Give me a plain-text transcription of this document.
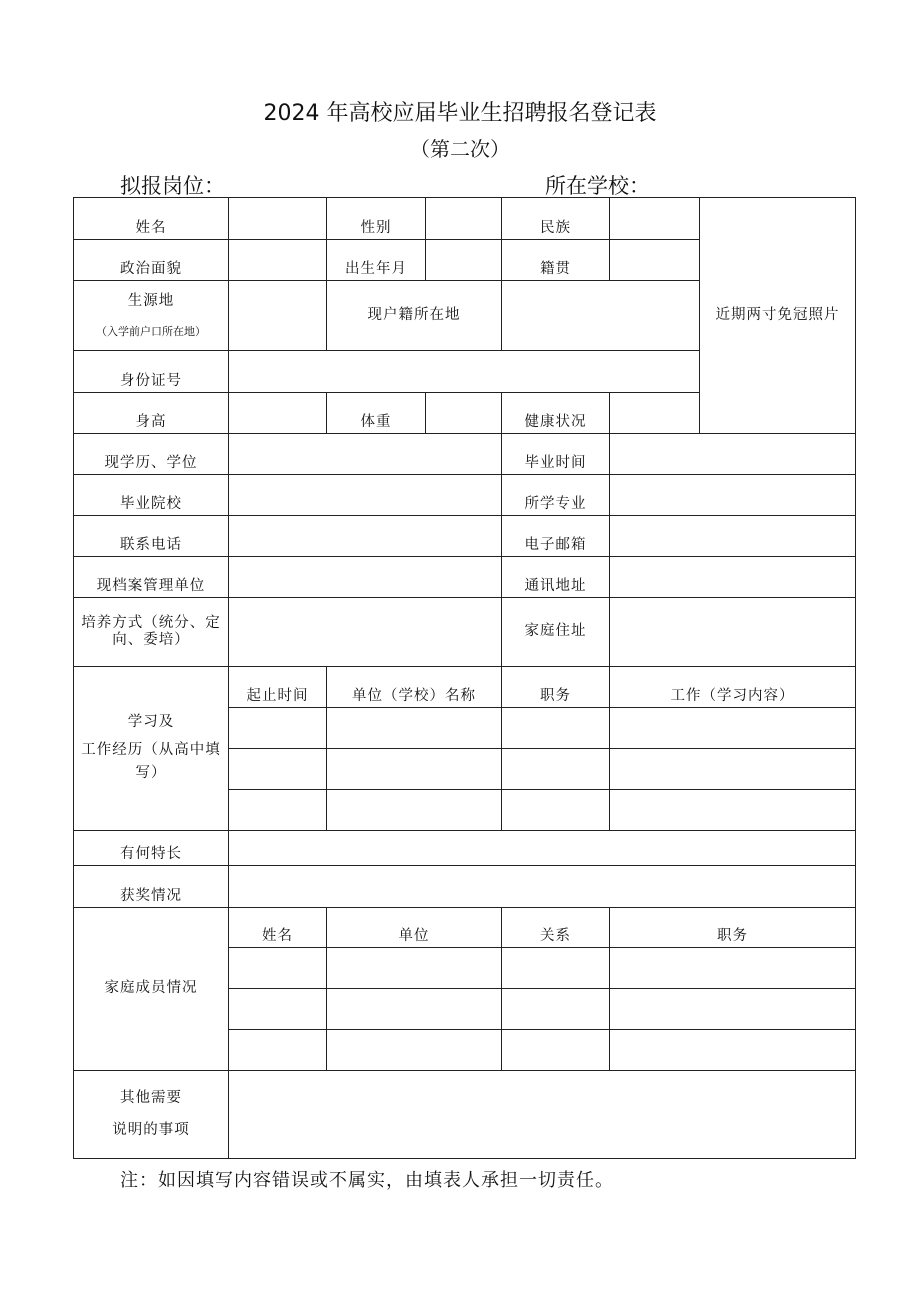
2024 年高校应届毕业生招聘报名登记表
（第二次）
拟报岗位：	所在学校：
姓名		性别		民族		近期两寸免冠照片
政治面貌		出生年月		籍贯		

生源地
（入学前户口所在地）		现户籍所在地				
身份证号						
身高		体重		健康状况		
现学历、学位				毕业时间		
毕业院校				所学专业		
联系电话				电子邮箱		
现档案管理单位				通讯地址		

培养方式（统分、定
向、委培）				家庭住址		

学习及
工作经历（从高中填
写）	起止时间	单位（学校）名称		职务	工作（学习内容）	

有何特长						
获奖情况						
家庭成员情况	姓名	单位		关系	职务	

其他需要
说明的事项						

注：如因填写内容错误或不属实，由填表人承担一切责任。
